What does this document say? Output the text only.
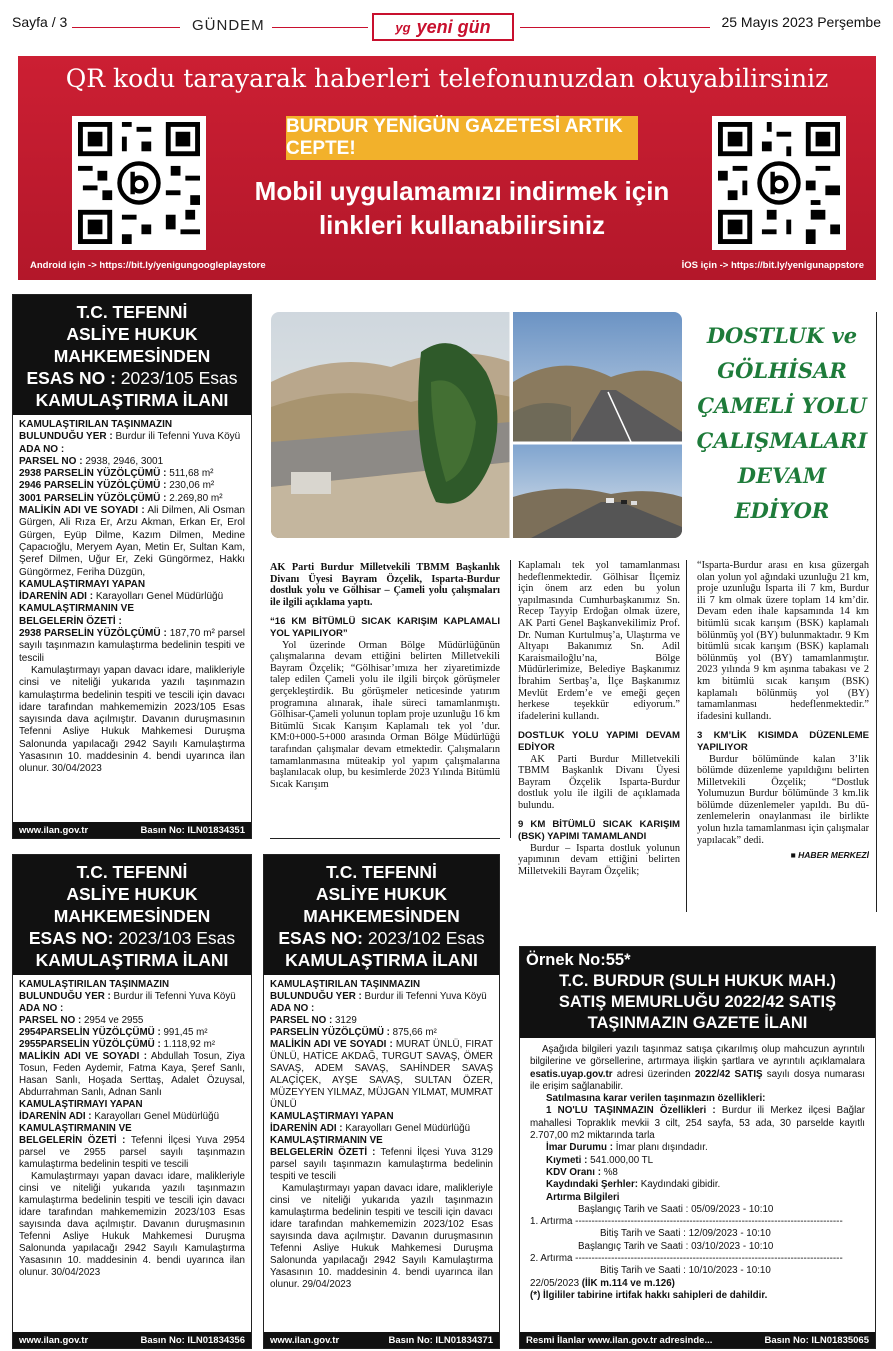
Sayfa / 3	GÜNDEM	yg yeni gün	25 Mayıs 2023 Perşembe
QR kodu tarayarak haberleri telefonunuzdan okuyabilirsiniz
BURDUR YENİGÜN GAZETESİ ARTIK CEPTE!
Mobil uygulamamızı indirmek için
linkleri kullanabilirsiniz
Android için -> https://bit.ly/yenigungoogleplaystore	İOS için -> https://bit.ly/yenigunappstore
T.C. TEFENNİ
ASLİYE HUKUK
MAHKEMESİNDEN
ESAS NO : 2023/105 Esas
KAMULAŞTIRMA İLANI
KAMULAŞTIRILAN TAŞINMAZIN
BULUNDUĞU YER : Burdur ili Tefenni Yuva Köyü
ADA NO :
PARSEL NO : 2938, 2946, 3001
2938 PARSELİN YÜZÖLÇÜMÜ : 511,68 m²
2946 PARSELİN YÜZÖLÇÜMÜ : 230,06 m²
3001 PARSELİN YÜZÖLÇÜMÜ : 2.269,80 m²
MALİKİN ADI VE SOYADI : Ali Dilmen, Ali Osman Gürgen, Ali Rıza Er, Arzu Akman, Erkan Er, Erol Gürgen, Eyüp Dilme, Kazım Dilmen, Medine Çapacıoğlu, Meryem Ayan, Metin Er, Sultan Kam, Şeref Dilmen, Uğur Er, Zeki Güngörmez, Hakkı Güngörmez, Feriha Düzgün,
KAMULAŞTIRMAYI YAPAN
İDARENİN ADI : Karayolları Genel Müdürlüğü
KAMULAŞTIRMANIN VE
BELGELERİN ÖZETİ :
2938 PARSELİN YÜZÖLÇÜMÜ : 187,70 m² parsel sayılı taşınmazın kamulaştırma bedelinin tespiti ve tescili
Kamulaştırmayı yapan davacı idare, malikleriyle cinsi ve niteliği yukarıda yazılı taşınmazın kamulaştırma bedelinin tespiti ve tescili için davacı idare tarafından mahkememizin 2023/105 Esas sayısında dava açılmıştır. Davanın duruşmasının Tefenni Asliye Hukuk Mahkemesi Duruşma Salonunda yapılacağı 2942 Sayılı Kamulaştırma Yasasının 10. maddesinin 4. bendi uyarınca ilan olunur. 30/04/2023
www.ilan.gov.tr	Basın No: ILN01834351
DOSTLUK ve
GÖLHİSAR
ÇAMELİ YOLU
ÇALIŞMALARI
DEVAM
EDİYOR

AK Parti Burdur Milletvekili TBMM Başkanlık Divanı Üyesi Bayram Özçelik, Isparta-Burdur dostluk yolu ve Gölhisar – Çameli yolu çalışmaları ile ilgili açıklama yaptı.

“16 KM BİTÜMLÜ SICAK KARIŞIM KAPLAMALI YOL YAPILIYOR”

Yol üzerinde Orman Bölge Müdürlüğünün çalışmalarına devam ettiğini belirten Milletvekili Bayram Özçelik; “Gölhisar’ımıza her ziyaretimizde talep edilen Çameli yolu ile ilgili birçok görüşmeler gerçekleştirdik. Bu görüşmeler neticesinde yatırım programına alınarak, ihale süreci tamamlanmıştı. Gölhisar-Çameli yolunun toplam proje uzunluğu 16 km Bitümlü Sıcak Karışım Kaplamalı tek yol ’dur. KM:0+000-5+000 arasında Orman Bölge Müdürlüğü tarafından çalışmalar devam etmektedir. Çalışmaların tamamlanmasına müteakip yol yapım çalışmalarına başlanılacak olup, bu kesimlerde 2023 Yılında Bitümlü Sıcak Karışım

Kaplamalı tek yol tamamlanması hedeflenmektedir. Gölhisar İlçemiz için önem arz eden bu yolun yapılmasında Cumhurbaşkanımız Sn. Recep Tayyip Erdoğan olmak üzere, AK Parti Genel Başkanvekilimiz Prof. Dr. Numan Kurtulmuş’a, Ulaştırma ve Altyapı Bakanımız Sn. Adil Karaismailoğlu’na, Bölge Müdürlerimize, Belediye Başkanımız İbrahim Sertbaş’a, İlçe Başkanımız Mevlüt Erdem’e ve emeği geçen herkese teşekkür ediyorum.” ifadelerini kullandı.

DOSTLUK YOLU YAPIMI DEVAM EDİYOR

AK Parti Burdur Milletvekili TBMM Başkanlık Divanı Üyesi Bayram Özçelik Isparta-Burdur dostluk yolu ile ilgili de açıklamada bulundu.

9 KM BİTÜMLÜ SICAK KARIŞIM (BSK) YAPIMI TAMAMLANDI

Burdur – Isparta dostluk yolunun yapımının devam ettiğini belirten Milletvekili Bayram Özçelik;

“Isparta-Burdur arası en kısa güzergah olan yolun yol ağındaki uzunluğu 21 km, proje uzunluğu Isparta ili 7 km, Burdur ili 7 km olmak üzere toplam 14 km’dir. Devam eden ihale kapsamında 14 km bitümlü sıcak karışım (BSK) kaplamalı bölünmüş yol (BY) bulunmaktadır. 9 Km bitümlü sıcak karışım (BSK) kaplamalı bölünmüş yol (BY) tamamlanmıştır. 2023 yılında 9 km aşınma tabakası ve 2 km bitümlü sıcak karışım (BSK) kaplamalı bölünmüş yol (BY) tamamlanması hedeflenmektedir.” ifadesini kullandı.

3 KM’LİK KISIMDA DÜZENLEME YAPILIYOR

Burdur bölümünde kalan 3’lik bölümde düzenleme yapıldığını belirten Milletvekili Özçelik; “Dostluk Yolumuzun Burdur bölümünde 3 km.lik bölümde düzenlemeler yapıldı. Bu dü- zenlemelerin onaylanması ile birlikte yolun hızla tamamlanması için çalışmalar yapılacak” dedi.

■ HABER MERKEZİ

T.C. TEFENNİ
ASLİYE HUKUK
MAHKEMESİNDEN
ESAS NO: 2023/103 Esas
KAMULAŞTIRMA İLANI
KAMULAŞTIRILAN TAŞINMAZIN
BULUNDUĞU YER : Burdur ili Tefenni Yuva Köyü
ADA NO :
PARSEL NO : 2954 ve 2955
2954PARSELİN YÜZÖLÇÜMÜ : 991,45 m²
2955PARSELİN YÜZÖLÇÜMÜ : 1.118,92 m²
MALİKİN ADI VE SOYADI : Abdullah Tosun, Ziya Tosun, Feden Aydemir, Fatma Kaya, Şeref Sanlı, Hasan Sanlı, Hoşada Serttaş, Adalet Özuysal, Abdurrahman Sanlı, Adnan Sanlı
KAMULAŞTIRMAYI YAPAN
İDARENİN ADI : Karayolları Genel Müdürlüğü
KAMULAŞTIRMANIN VE
BELGELERİN ÖZETİ : Tefenni İlçesi Yuva 2954 parsel ve 2955 parsel sayılı taşınmazın kamulaştırma bedelinin tespiti ve tescili
Kamulaştırmayı yapan davacı idare, malikleriyle cinsi ve niteliği yukarıda yazılı taşınmazın kamulaştırma bedelinin tespiti ve tescili için davacı idare tarafından mahkememizin 2023/103 Esas sayısında dava açılmıştır. Davanın duruşmasının Tefenni Asliye Hukuk Mahkemesi Duruşma Salonunda yapılacağı 2942 Sayılı Kamulaştırma Yasasının 10. maddesinin 4. bendi uyarınca ilan olunur. 30/04/2023
www.ilan.gov.tr	Basın No: ILN01834356
T.C. TEFENNİ
ASLİYE HUKUK
MAHKEMESİNDEN
ESAS NO: 2023/102 Esas
KAMULAŞTIRMA İLANI
KAMULAŞTIRILAN TAŞINMAZIN
BULUNDUĞU YER : Burdur ili Tefenni Yuva Köyü
ADA NO :
PARSEL NO : 3129
PARSELİN YÜZÖLÇÜMÜ : 875,66 m²
MALİKİN ADI VE SOYADI : MURAT ÜNLÜ, FIRAT ÜNLÜ, HATİCE AKDAĞ, TURGUT SAVAŞ, ÖMER SAVAŞ, ADEM SAVAŞ, SAHİNDER SAVAŞ ALAÇİÇEK, AYŞE SAVAŞ, SULTAN ÖZER, MÜZEYYEN YILMAZ, MÜJGAN YILMAT, MUMRAT ÜNLÜ
KAMULAŞTIRMAYI YAPAN
İDARENİN ADI : Karayolları Genel Müdürlüğü
KAMULAŞTIRMANIN VE
BELGELERİN ÖZETİ : Tefenni İlçesi Yuva 3129 parsel sayılı taşınmazın kamulaştırma bedelinin tespiti ve tescili
Kamulaştırmayı yapan davacı idare, malikleriyle cinsi ve niteliği yukarıda yazılı taşınmazın kamulaştırma bedelinin tespiti ve tescili için davacı idare tarafından mahkememizin 2023/102 Esas sayısında dava açılmıştır. Davanın duruşmasının Tefenni Asliye Hukuk Mahkemesi Duruşma Salonunda yapılacağı 2942 Sayılı Kamulaştırma Yasasının 10. maddesinin 4. bendi uyarınca ilan olunur. 29/04/2023
www.ilan.gov.tr	Basın No: ILN01834371
Örnek No:55*
T.C. BURDUR (SULH HUKUK MAH.)
SATIŞ MEMURLUĞU 2022/42 SATIŞ
TAŞINMAZIN GAZETE İLANI
Aşağıda bilgileri yazılı taşınmaz satışa çıkarılmış olup mahcuzun ayrıntılı bilgilerine ve görsellerine, artırmaya ilişkin şartlara ve ayrıntılı açıklamalara esatis.uyap.gov.tr adresi üzerinden 2022/42 SATIŞ sayılı dosya numarası ile erişim sağlanabilir.
Satılmasına karar verilen taşınmazın özellikleri:
1 NO'LU TAŞINMAZIN Özellikleri : Burdur ili Merkez ilçesi Bağlar mahallesi Topraklık mevkii 3 cilt, 254 sayfa, 53 ada, 30 parselde kayıtlı 2.707,00 m2 miktarında tarla
İmar Durumu : İmar planı dışındadır.
Kıymeti : 541.000,00 TL
KDV Oranı : %8
Kaydındaki Şerhler: Kaydındaki gibidir.
Artırma Bilgileri
Başlangıç Tarih ve Saati : 05/09/2023 - 10:10
1. Artırma ----------------------------------------------------------------------------------
Bitiş Tarih ve Saati : 12/09/2023 - 10:10
Başlangıç Tarih ve Saati : 03/10/2023 - 10:10
2. Artırma ----------------------------------------------------------------------------------
Bitiş Tarih ve Saati : 10/10/2023 - 10:10
22/05/2023 (İİK m.114 ve m.126)
(*) İlgililer tabirine irtifak hakkı sahipleri de dahildir.
Resmi İlanlar www.ilan.gov.tr adresinde...	Basın No: ILN01835065
